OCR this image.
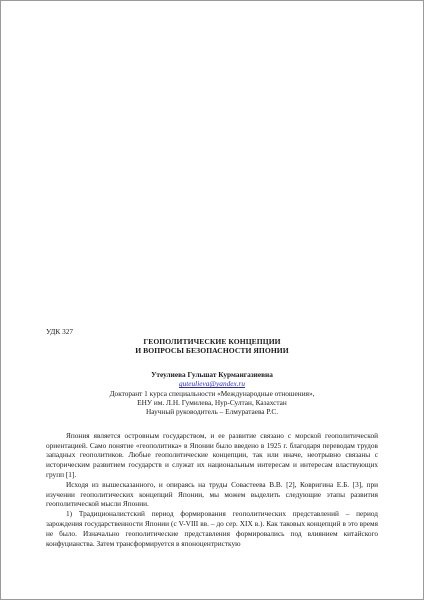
УДК 327

ГЕОПОЛИТИЧЕСКИЕ КОНЦЕПЦИИ
И ВОПРОСЫ БЕЗОПАСНОСТИ ЯПОНИИ
Утеулиева Гульшат Курмангазиевна
guteulieva@yandex.ru
Докторант 1 курса специальности «Международные отношения»,
ЕНУ им. Л.Н. Гумилева, Нур-Султан, Казахстан
Научный руководитель – Елмуратаева Р.С.

Япония является островным государством, и ее развитие связано с морской геополитической ориентацией. Само понятие «геополитика» в Японии было введено в 1925 г. благодаря переводам трудов западных геополитиков. Любые геополитические концепции, так или иначе, неотрывно связаны с историческим развитием государств и служат их национальным интересам и интересам властвующих групп [1].

Исходя из вышесказанного, и опираясь на труды Совастеева В.В. [2], Ковригина Е.Б. [3], при изучении геополитических концепций Японии, мы можем выделить следующие этапы развития геополитической мысли Японии.

1) Традиционалистский период формирования геополитических представлений – период зарождения государственности Японии (с V-VIII вв. – до сер. XIX в.). Как таковых концепций в это время не было. Изначально геополитические представления формировались под влиянием китайского конфуцианства. Затем трансформируется в японоцентристкую
